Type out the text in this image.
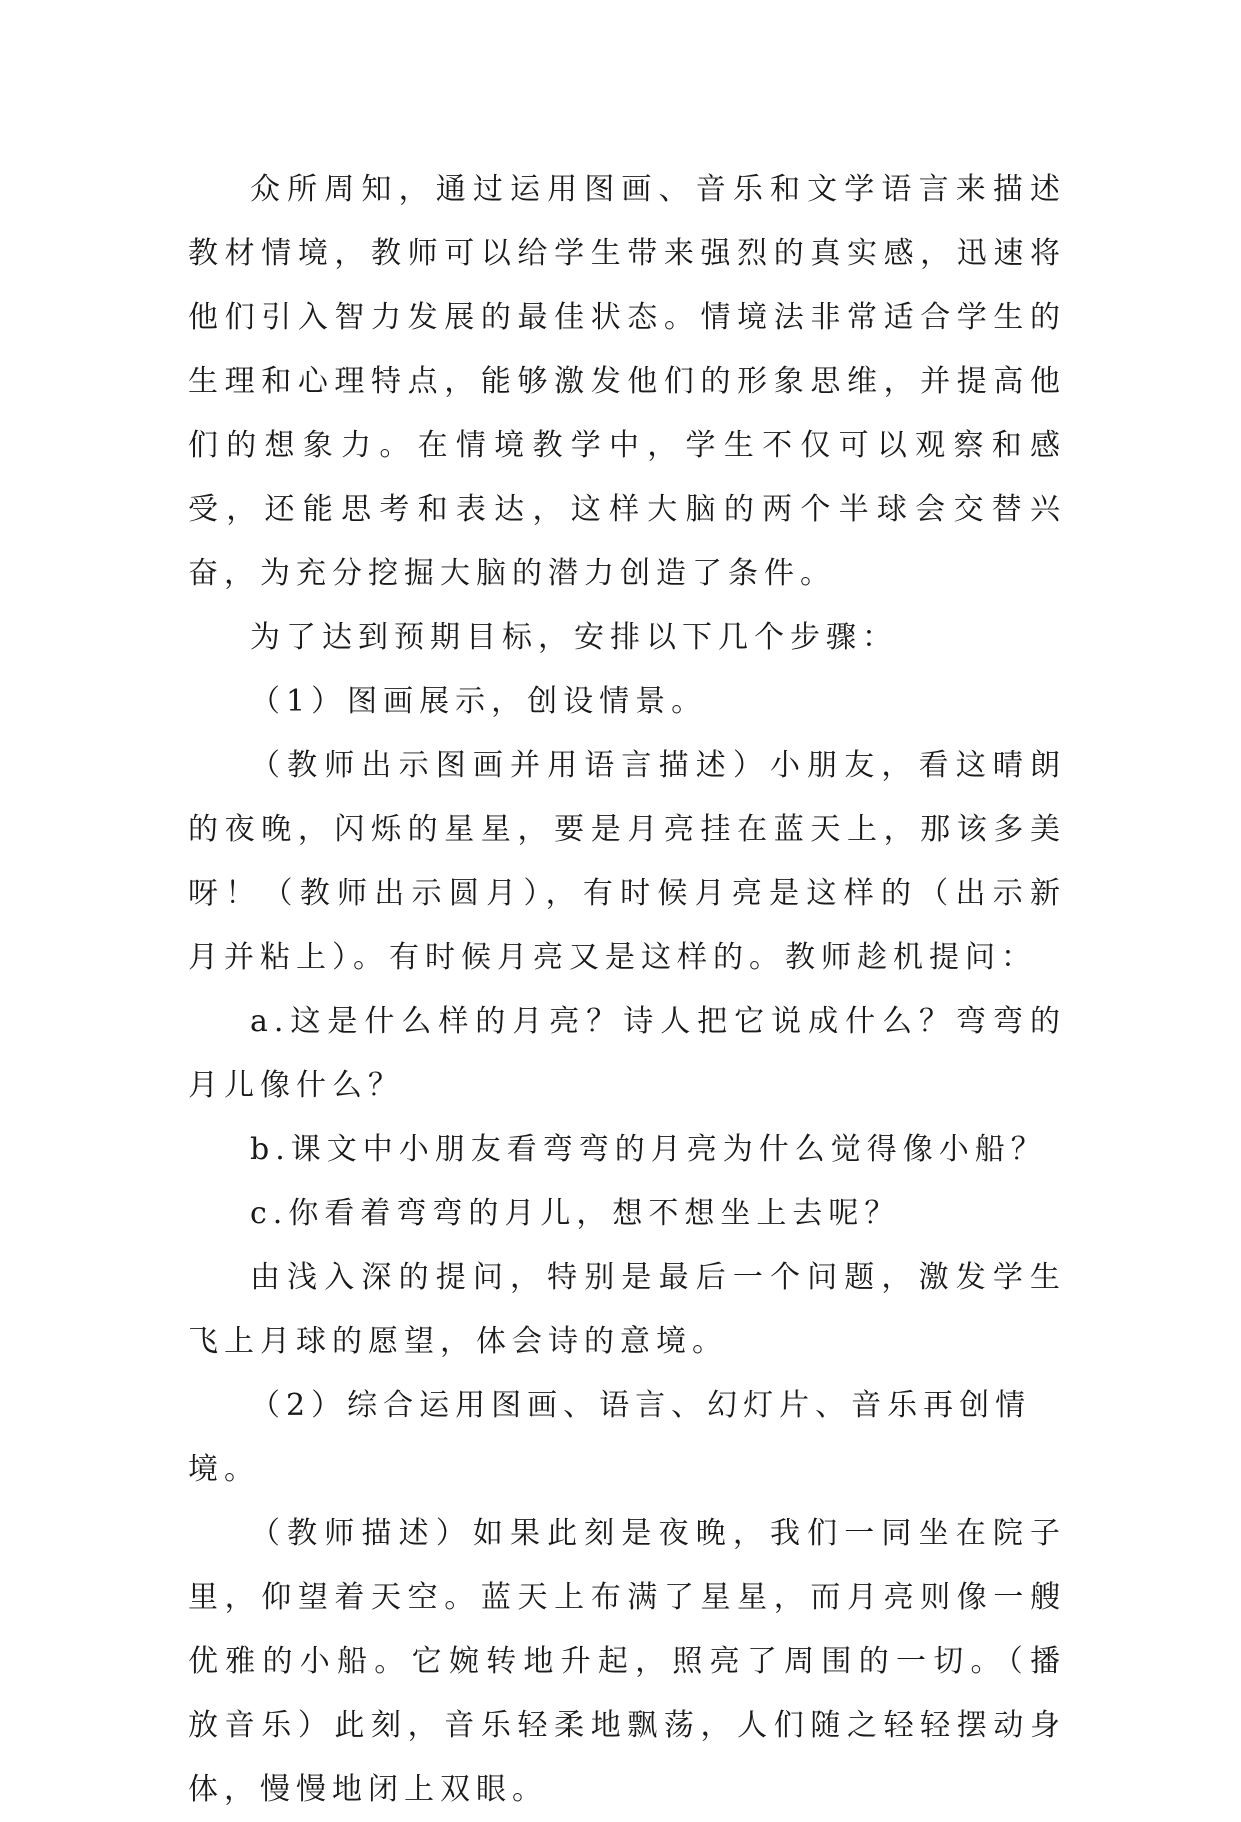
众所周知，通过运用图画、音乐和文学语言来描述教材情境，教师可以给学生带来强烈的真实感，迅速将他们引入智力发展的最佳状态。情境法非常适合学生的生理和心理特点，能够激发他们的形象思维，并提高他们的想象力。在情境教学中，学生不仅可以观察和感受，还能思考和表达，这样大脑的两个半球会交替兴奋，为充分挖掘大脑的潜力创造了条件。

为了达到预期目标，安排以下几个步骤：

（1）图画展示，创设情景。

（教师出示图画并用语言描述）小朋友，看这晴朗的夜晚，闪烁的星星，要是月亮挂在蓝天上，那该多美呀！（教师出示圆月），有时候月亮是这样的（出示新月并粘上）。有时候月亮又是这样的。教师趁机提问：

a.这是什么样的月亮？诗人把它说成什么？弯弯的月儿像什么？

b.课文中小朋友看弯弯的月亮为什么觉得像小船？

c.你看着弯弯的月儿，想不想坐上去呢？

由浅入深的提问，特别是最后一个问题，激发学生飞上月球的愿望，体会诗的意境。

（2）综合运用图画、语言、幻灯片、音乐再创情境。

（教师描述）如果此刻是夜晚，我们一同坐在院子里，仰望着天空。蓝天上布满了星星，而月亮则像一艘优雅的小船。它婉转地升起，照亮了周围的一切。（播放音乐）此刻，音乐轻柔地飘荡，人们随之轻轻摆动身体，慢慢地闭上双眼。
